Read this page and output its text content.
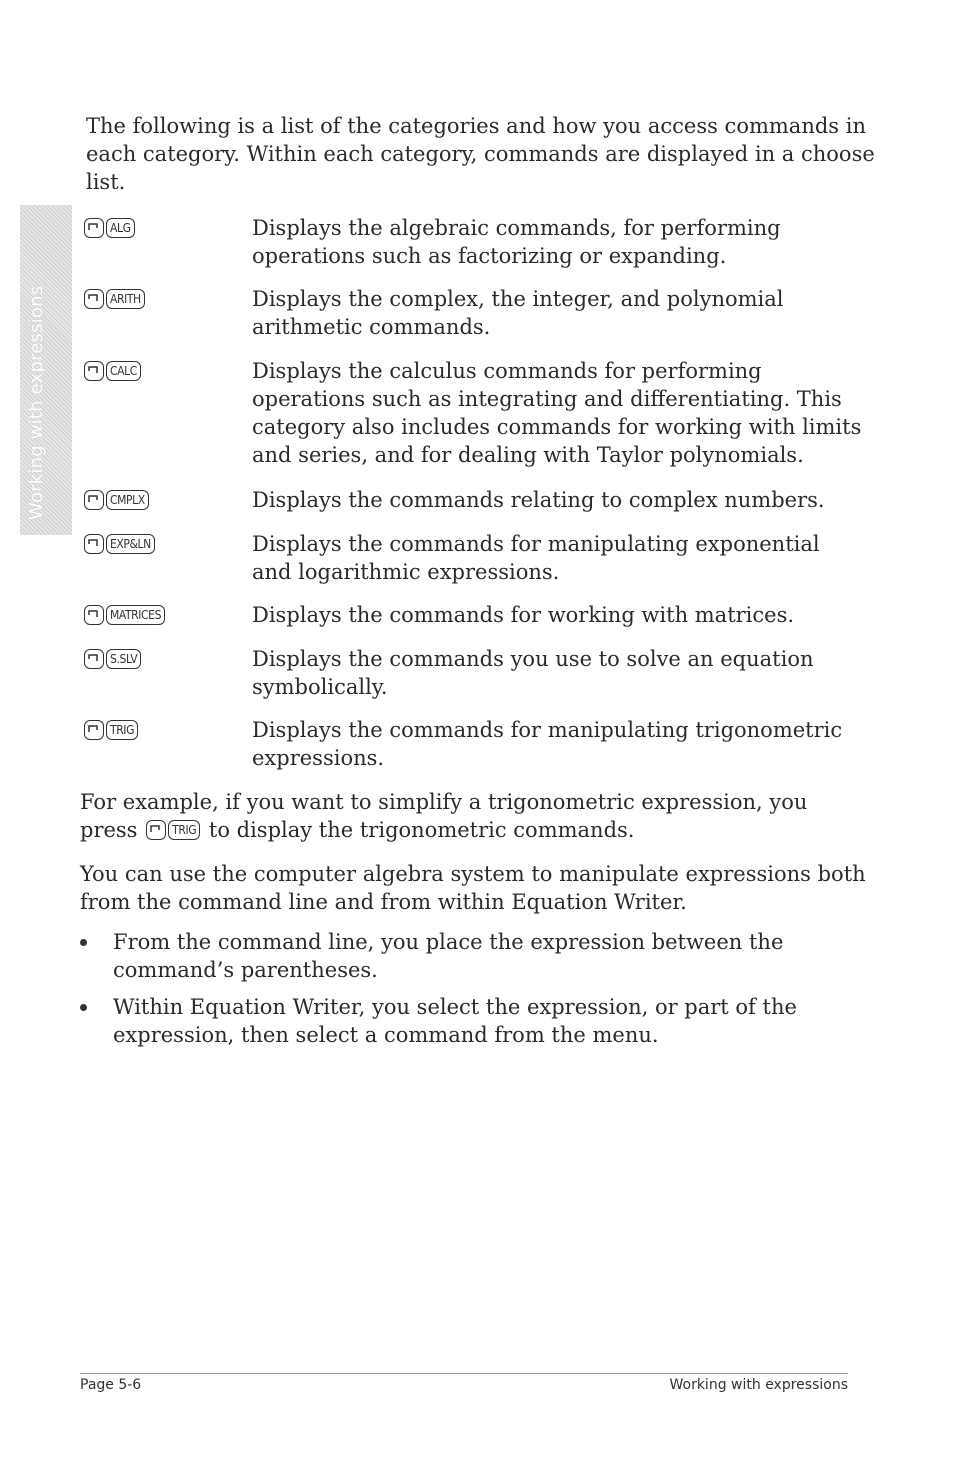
Working with expressions

The following is a list of the categories and how you access commands in each category. Within each category, commands are displayed in a choose list.

ALG	Displays the algebraic commands, for performing operations such as factorizing or expanding.
ARITH	Displays the complex, the integer, and polynomial arithmetic commands.
CALC	Displays the calculus commands for performing operations such as integrating and differentiating. This category also includes commands for working with limits and series, and for dealing with Taylor polynomials.
CMPLX	Displays the commands relating to complex numbers.
EXP&LN	Displays the commands for manipulating exponential and logarithmic expressions.
MATRICES	Displays the commands for working with matrices.
S.SLV	Displays the commands you use to solve an equation symbolically.
TRIG	Displays the commands for manipulating trigonometric expressions.

For example, if you want to simplify a trigonometric expression, you press	TRIG to display the trigonometric commands.

You can use the computer algebra system to manipulate expressions both from the command line and from within Equation Writer.

From the command line, you place the expression between the command’s parentheses.
Within Equation Writer, you select the expression, or part of the expression, then select a command from the menu.
Page 5-6	Working with expressions
